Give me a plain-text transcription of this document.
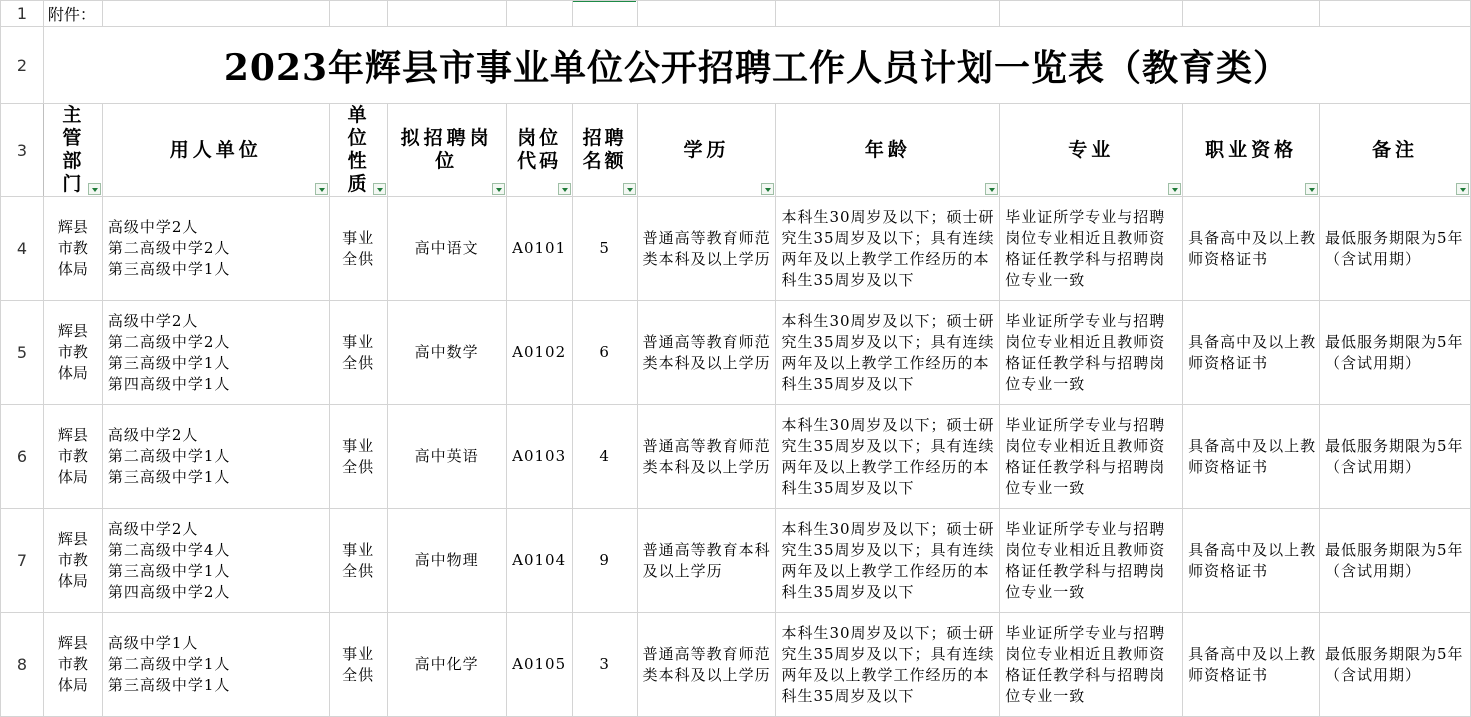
1	附件：										
2	2023年辉县市事业单位公开招聘工作人员计划一览表（教育类）										
3	主管部门	用人单位	单位性质	拟招聘岗位	岗位代码	招聘名额	学历	年龄	专业	职业资格	备注

4	辉县市教体局	高级中学2人
第二高级中学2人
第三高级中学1人	事业全供	高中语文	A0101	5	普通高等教育师范类本科及以上学历	本科生30周岁及以下；硕士研究生35周岁及以下；具有连续两年及以上教学工作经历的本科生35周岁及以下	毕业证所学专业与招聘岗位专业相近且教师资格证任教学科与招聘岗位专业一致	具备高中及以上教师资格证书	最低服务期限为5年（含试用期）
5	辉县市教体局	高级中学2人
第二高级中学2人
第三高级中学1人
第四高级中学1人	事业全供	高中数学	A0102	6	普通高等教育师范类本科及以上学历	本科生30周岁及以下；硕士研究生35周岁及以下；具有连续两年及以上教学工作经历的本科生35周岁及以下	毕业证所学专业与招聘岗位专业相近且教师资格证任教学科与招聘岗位专业一致	具备高中及以上教师资格证书	最低服务期限为5年（含试用期）
6	辉县市教体局	高级中学2人
第二高级中学1人
第三高级中学1人	事业全供	高中英语	A0103	4	普通高等教育师范类本科及以上学历	本科生30周岁及以下；硕士研究生35周岁及以下；具有连续两年及以上教学工作经历的本科生35周岁及以下	毕业证所学专业与招聘岗位专业相近且教师资格证任教学科与招聘岗位专业一致	具备高中及以上教师资格证书	最低服务期限为5年（含试用期）
7	辉县市教体局	高级中学2人
第二高级中学4人
第三高级中学1人
第四高级中学2人	事业全供	高中物理	A0104	9	普通高等教育本科及以上学历	本科生30周岁及以下；硕士研究生35周岁及以下；具有连续两年及以上教学工作经历的本科生35周岁及以下	毕业证所学专业与招聘岗位专业相近且教师资格证任教学科与招聘岗位专业一致	具备高中及以上教师资格证书	最低服务期限为5年（含试用期）
8	辉县市教体局	高级中学1人
第二高级中学1人
第三高级中学1人	事业全供	高中化学	A0105	3	普通高等教育师范类本科及以上学历	本科生30周岁及以下；硕士研究生35周岁及以下；具有连续两年及以上教学工作经历的本科生35周岁及以下	毕业证所学专业与招聘岗位专业相近且教师资格证任教学科与招聘岗位专业一致	具备高中及以上教师资格证书	最低服务期限为5年（含试用期）
